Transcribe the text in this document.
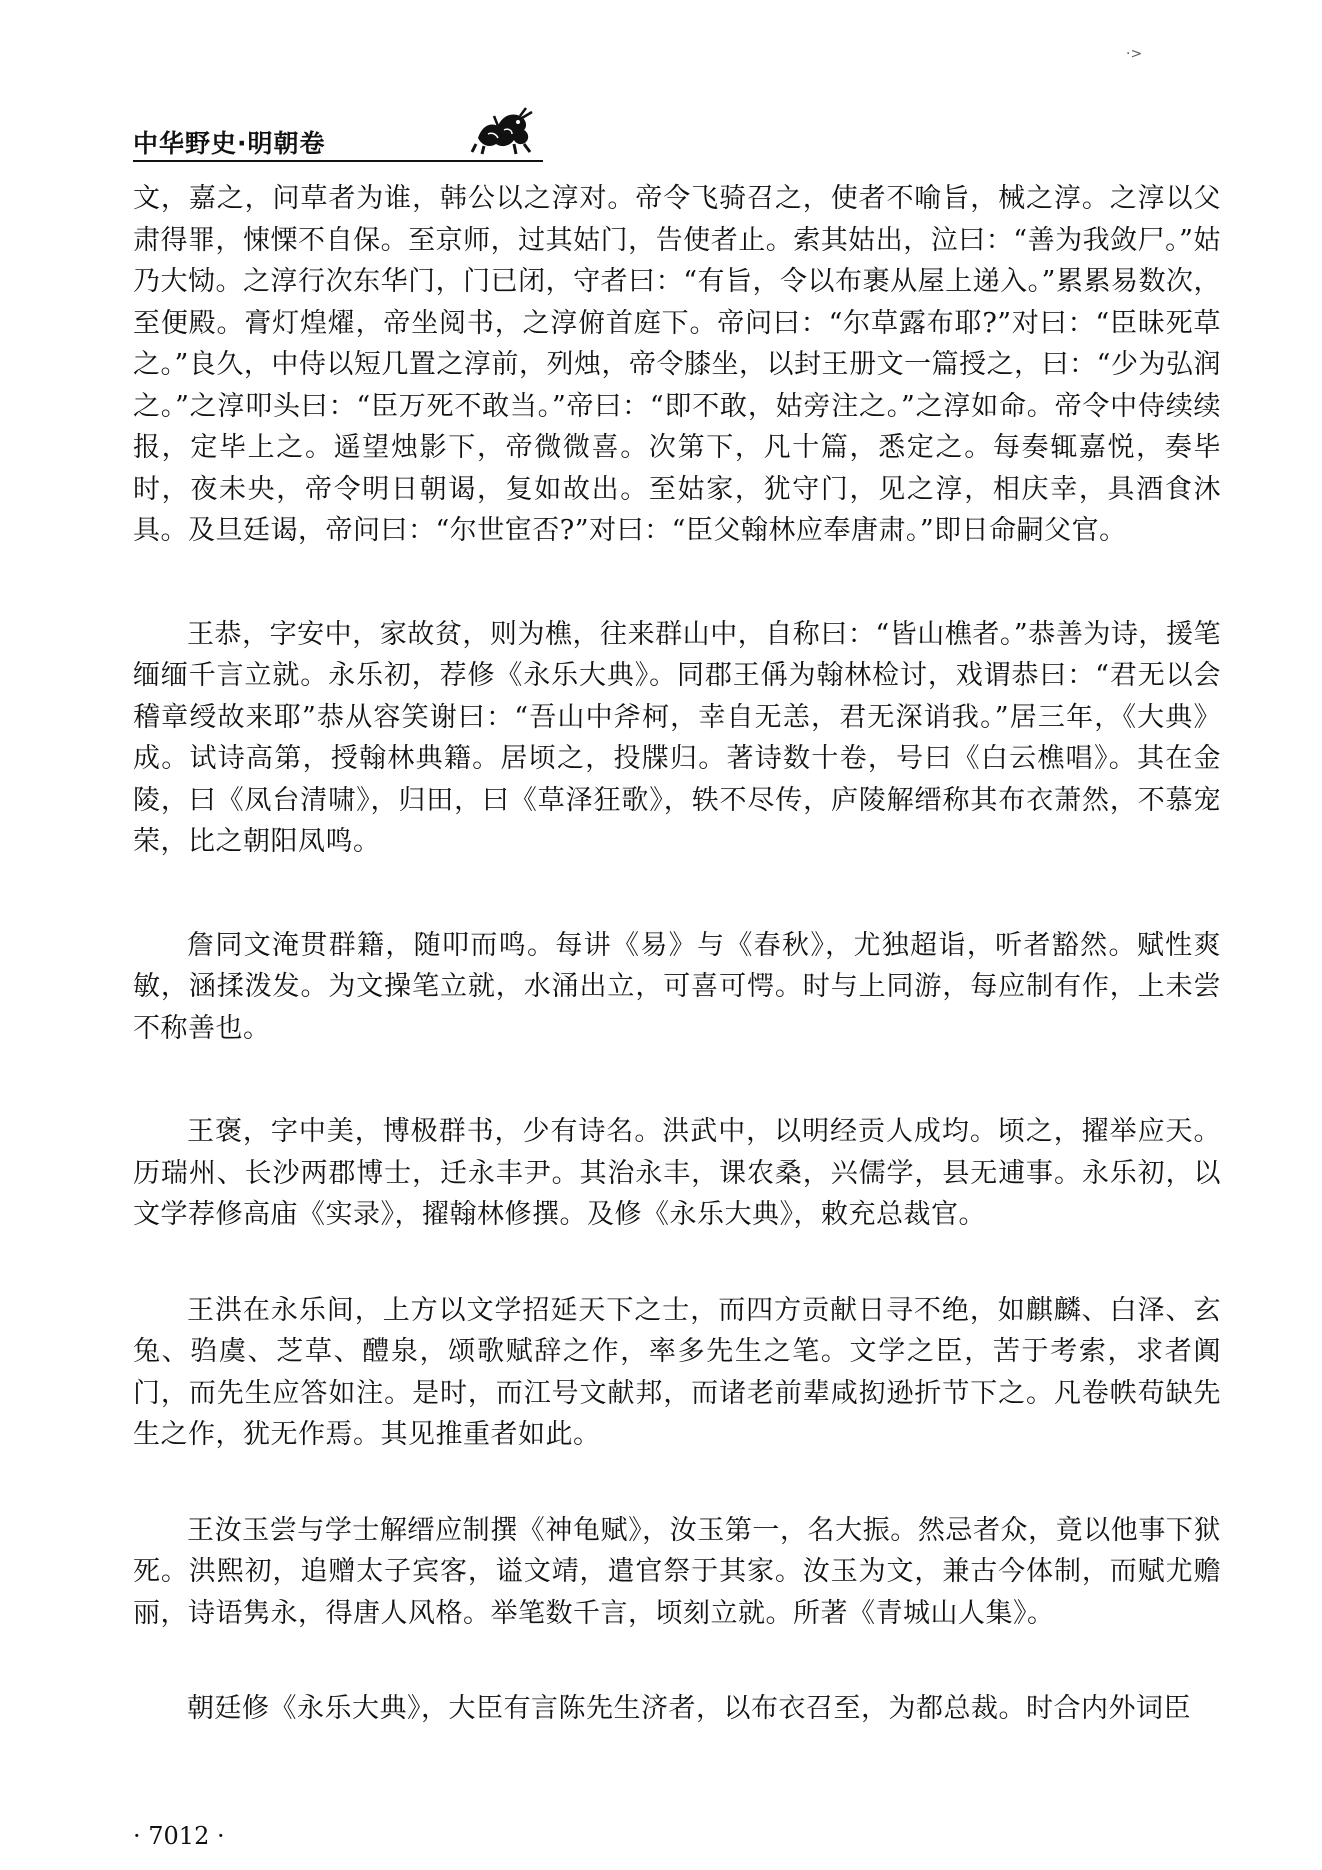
中华野史·明朝卷
·>

文，嘉之，问草者为谁，韩公以之淳对。帝令飞骑召之，使者不喻旨，械之淳。之淳以父肃得罪，悚慄不自保。至京师，过其姑门，告使者止。索其姑出，泣曰：“善为我敛尸。”姑乃大恸。之淳行次东华门，门已闭，守者曰：“有旨，令以布裹从屋上递入。”累累易数次，至便殿。膏灯煌燿，帝坐阅书，之淳俯首庭下。帝问曰：“尔草露布耶?”对曰：“臣昧死草之。”良久，中侍以短几置之淳前，列烛，帝令膝坐，以封王册文一篇授之，曰：“少为弘润之。”之淳叩头曰：“臣万死不敢当。”帝曰：“即不敢，姑旁注之。”之淳如命。帝令中侍续续报，定毕上之。遥望烛影下，帝微微喜。次第下，凡十篇，悉定之。每奏辄嘉悦，奏毕时，夜未央，帝令明日朝谒，复如故出。至姑家，犹守门，见之淳，相庆幸，具酒食沐具。及旦廷谒，帝问曰：“尔世宦否?”对曰：“臣父翰林应奉唐肃。”即日命嗣父官。

王恭，字安中，家故贫，则为樵，往来群山中，自称曰：“皆山樵者。”恭善为诗，援笔缅缅千言立就。永乐初，荐修《永乐大典》。同郡王偁为翰林检讨，戏谓恭曰：“君无以会稽章绶故来耶”恭从容笑谢曰：“吾山中斧柯，幸自无恙，君无深诮我。”居三年，《大典》成。试诗高第，授翰林典籍。居顷之，投牒归。著诗数十卷，号曰《白云樵唱》。其在金陵，曰《凤台清啸》，归田，曰《草泽狂歌》，轶不尽传，庐陵解缙称其布衣萧然，不慕宠荣，比之朝阳凤鸣。

詹同文淹贯群籍，随叩而鸣。每讲《易》与《春秋》，尤独超诣，听者豁然。赋性爽敏，涵揉泼发。为文操笔立就，水涌出立，可喜可愕。时与上同游，每应制有作，上未尝不称善也。

王褒，字中美，博极群书，少有诗名。洪武中，以明经贡人成均。顷之，擢举应天。历瑞州、长沙两郡博士，迁永丰尹。其治永丰，课农桑，兴儒学，县无逋事。永乐初，以文学荐修高庙《实录》，擢翰林修撰。及修《永乐大典》，敕充总裁官。

王洪在永乐间，上方以文学招延天下之士，而四方贡献日寻不绝，如麒麟、白泽、玄兔、驺虞、芝草、醴泉，颂歌赋辞之作，率多先生之笔。文学之臣，苦于考索，求者阗门，而先生应答如注。是时，而江号文献邦，而诸老前辈咸抝逊折节下之。凡卷帙苟缺先生之作，犹无作焉。其见推重者如此。

王汝玉尝与学士解缙应制撰《神龟赋》，汝玉第一，名大振。然忌者众，竟以他事下狱死。洪熙初，追赠太子宾客，谥文靖，遣官祭于其家。汝玉为文，兼古今体制，而赋尤赡丽，诗语隽永，得唐人风格。举笔数千言，顷刻立就。所著《青城山人集》。

朝廷修《永乐大典》，大臣有言陈先生济者，以布衣召至，为都总裁。时合内外词臣

· 7012 ·
